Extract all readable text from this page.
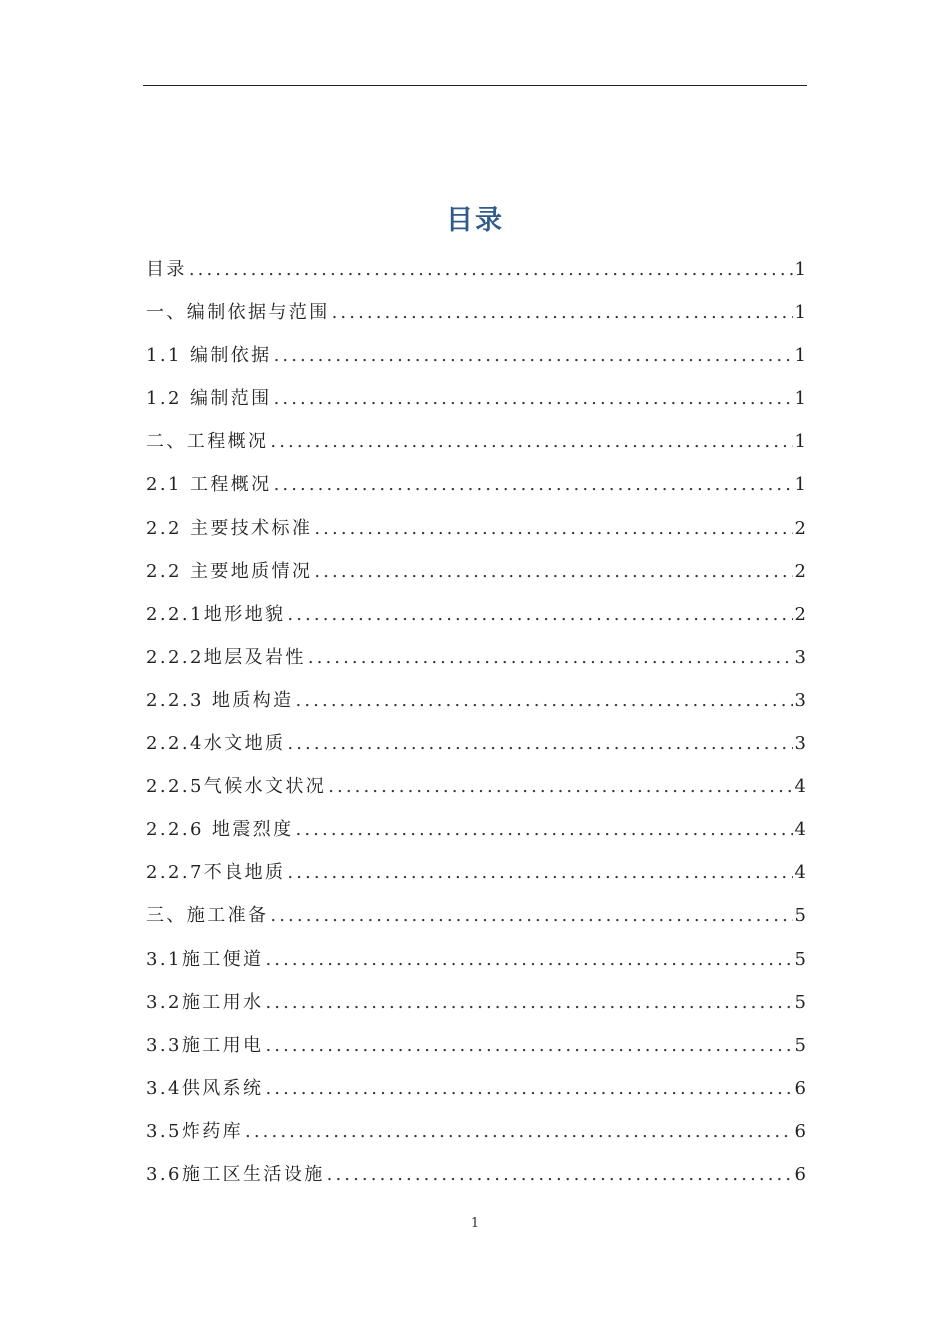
目录
目录 .....	1
一、编制依据与范围 .....	1
1.1 编制依据 .....	1
1.2 编制范围 .....	1
二、工程概况 .....	1
2.1 工程概况 .....	1
2.2 主要技术标准 .....	2
2.2 主要地质情况 .....	2
2.2.1地形地貌 .....	2
2.2.2地层及岩性 .....	3
2.2.3 地质构造 .....	3
2.2.4水文地质 .....	3
2.2.5气候水文状况 .....	4
2.2.6 地震烈度 .....	4
2.2.7不良地质 .....	4
三、施工准备 .....	5
3.1施工便道 .....	5
3.2施工用水 .....	5
3.3施工用电 .....	5
3.4供风系统 .....	6
3.5炸药库 .....	6
3.6施工区生活设施 .....	6
1
